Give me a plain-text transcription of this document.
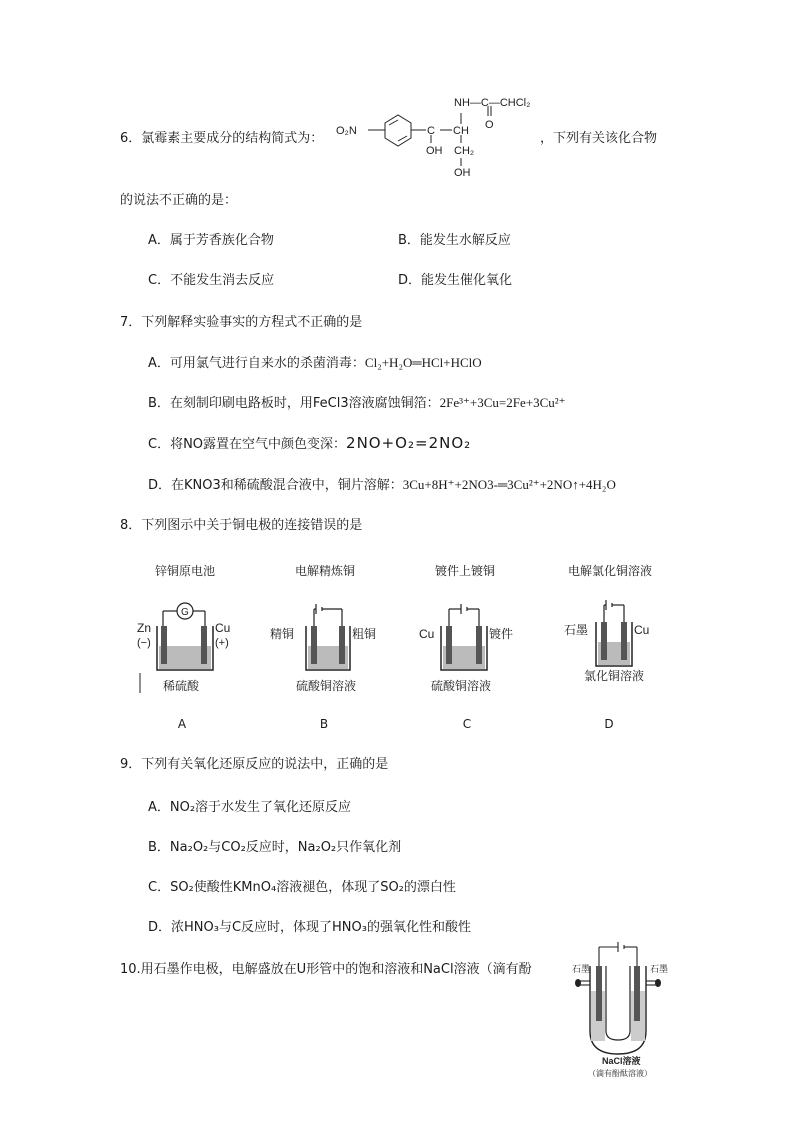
6．氯霉素主要成分的结构简式为： O₂N	C CH
OH CH₂
OH
NH—C—CHCl₂
O
，下列有关该化合物
的说法不正确的是：
A．属于芳香族化合物	B．能发生水解反应
C．不能发生消去反应	D．能发生催化氧化
7．下列解释实验事实的方程式不正确的是
A．可用氯气进行自来水的杀菌消毒：Cl₂+H₂O═HCl+HClO
B．在刻制印刷电路板时，用FeCl3溶液腐蚀铜箔：2Fe³⁺+3Cu=2Fe+3Cu²⁺
C．将NO露置在空气中颜色变深：2NO+O₂=2NO₂
D．在KNO3和稀硫酸混合液中，铜片溶解：3Cu+8H⁺+2NO3-═3Cu²⁺+2NO↑+4H₂O
8．下列图示中关于铜电极的连接错误的是
锌铜原电池	电解精炼铜	镀件上镀铜	电解氯化铜溶液
G
Zn
(−)
Cu
(+)
稀硫酸
精铜	粗铜
硫酸铜溶液
Cu	镀件
硫酸铜溶液
石墨	Cu
氯化铜溶液
A	B	C	D
9．下列有关氧化还原反应的说法中，正确的是
A．NO₂溶于水发生了氧化还原反应
B．Na₂O₂与CO₂反应时，Na₂O₂只作氧化剂
C．SO₂使酸性KMnO₄溶液褪色，体现了SO₂的漂白性
D．浓HNO₃与C反应时，体现了HNO₃的强氧化性和酸性
10.用石墨作电极，电解盛放在U形管中的饱和溶液和NaCl溶液（滴有酚	石墨	石墨
NaCl溶液
（滴有酚酞溶液）
